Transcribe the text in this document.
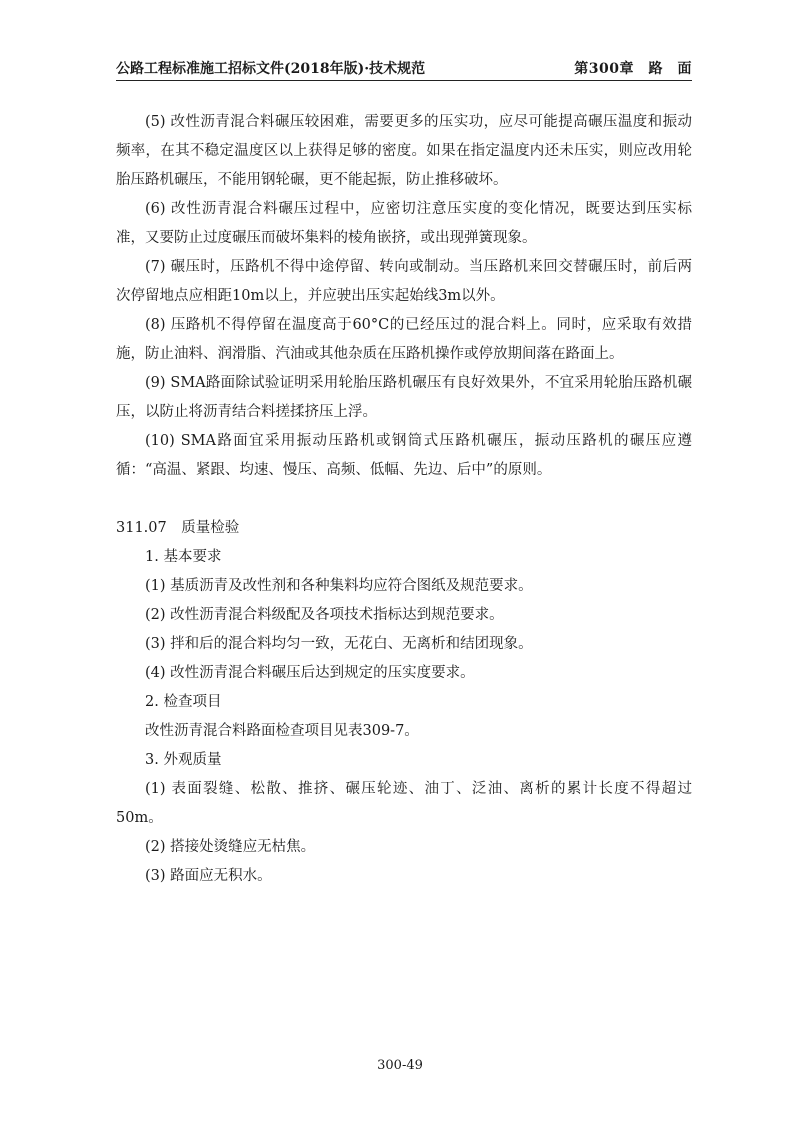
公路工程标准施工招标文件(2018年版)·技术规范	第300章　路　面

(5) 改性沥青混合料碾压较困难，需要更多的压实功，应尽可能提高碾压温度和振动频率，在其不稳定温度区以上获得足够的密度。如果在指定温度内还未压实，则应改用轮胎压路机碾压，不能用钢轮碾，更不能起振，防止推移破坏。

(6) 改性沥青混合料碾压过程中，应密切注意压实度的变化情况，既要达到压实标准，又要防止过度碾压而破坏集料的棱角嵌挤，或出现弹簧现象。

(7) 碾压时，压路机不得中途停留、转向或制动。当压路机来回交替碾压时，前后两次停留地点应相距10m以上，并应驶出压实起始线3m以外。

(8) 压路机不得停留在温度高于60°C的已经压过的混合料上。同时，应采取有效措施，防止油料、润滑脂、汽油或其他杂质在压路机操作或停放期间落在路面上。

(9) SMA路面除试验证明采用轮胎压路机碾压有良好效果外，不宜采用轮胎压路机碾压，以防止将沥青结合料搓揉挤压上浮。

(10) SMA路面宜采用振动压路机或钢筒式压路机碾压，振动压路机的碾压应遵循：“高温、紧跟、均速、慢压、高频、低幅、先边、后中”的原则。

311.07　质量检验

1. 基本要求

(1) 基质沥青及改性剂和各种集料均应符合图纸及规范要求。

(2) 改性沥青混合料级配及各项技术指标达到规范要求。

(3) 拌和后的混合料均匀一致，无花白、无离析和结团现象。

(4) 改性沥青混合料碾压后达到规定的压实度要求。

2. 检查项目

改性沥青混合料路面检查项目见表309-7。

3. 外观质量

(1) 表面裂缝、松散、推挤、碾压轮迹、油丁、泛油、离析的累计长度不得超过 50m。

(2) 搭接处烫缝应无枯焦。

(3) 路面应无积水。

300-49
